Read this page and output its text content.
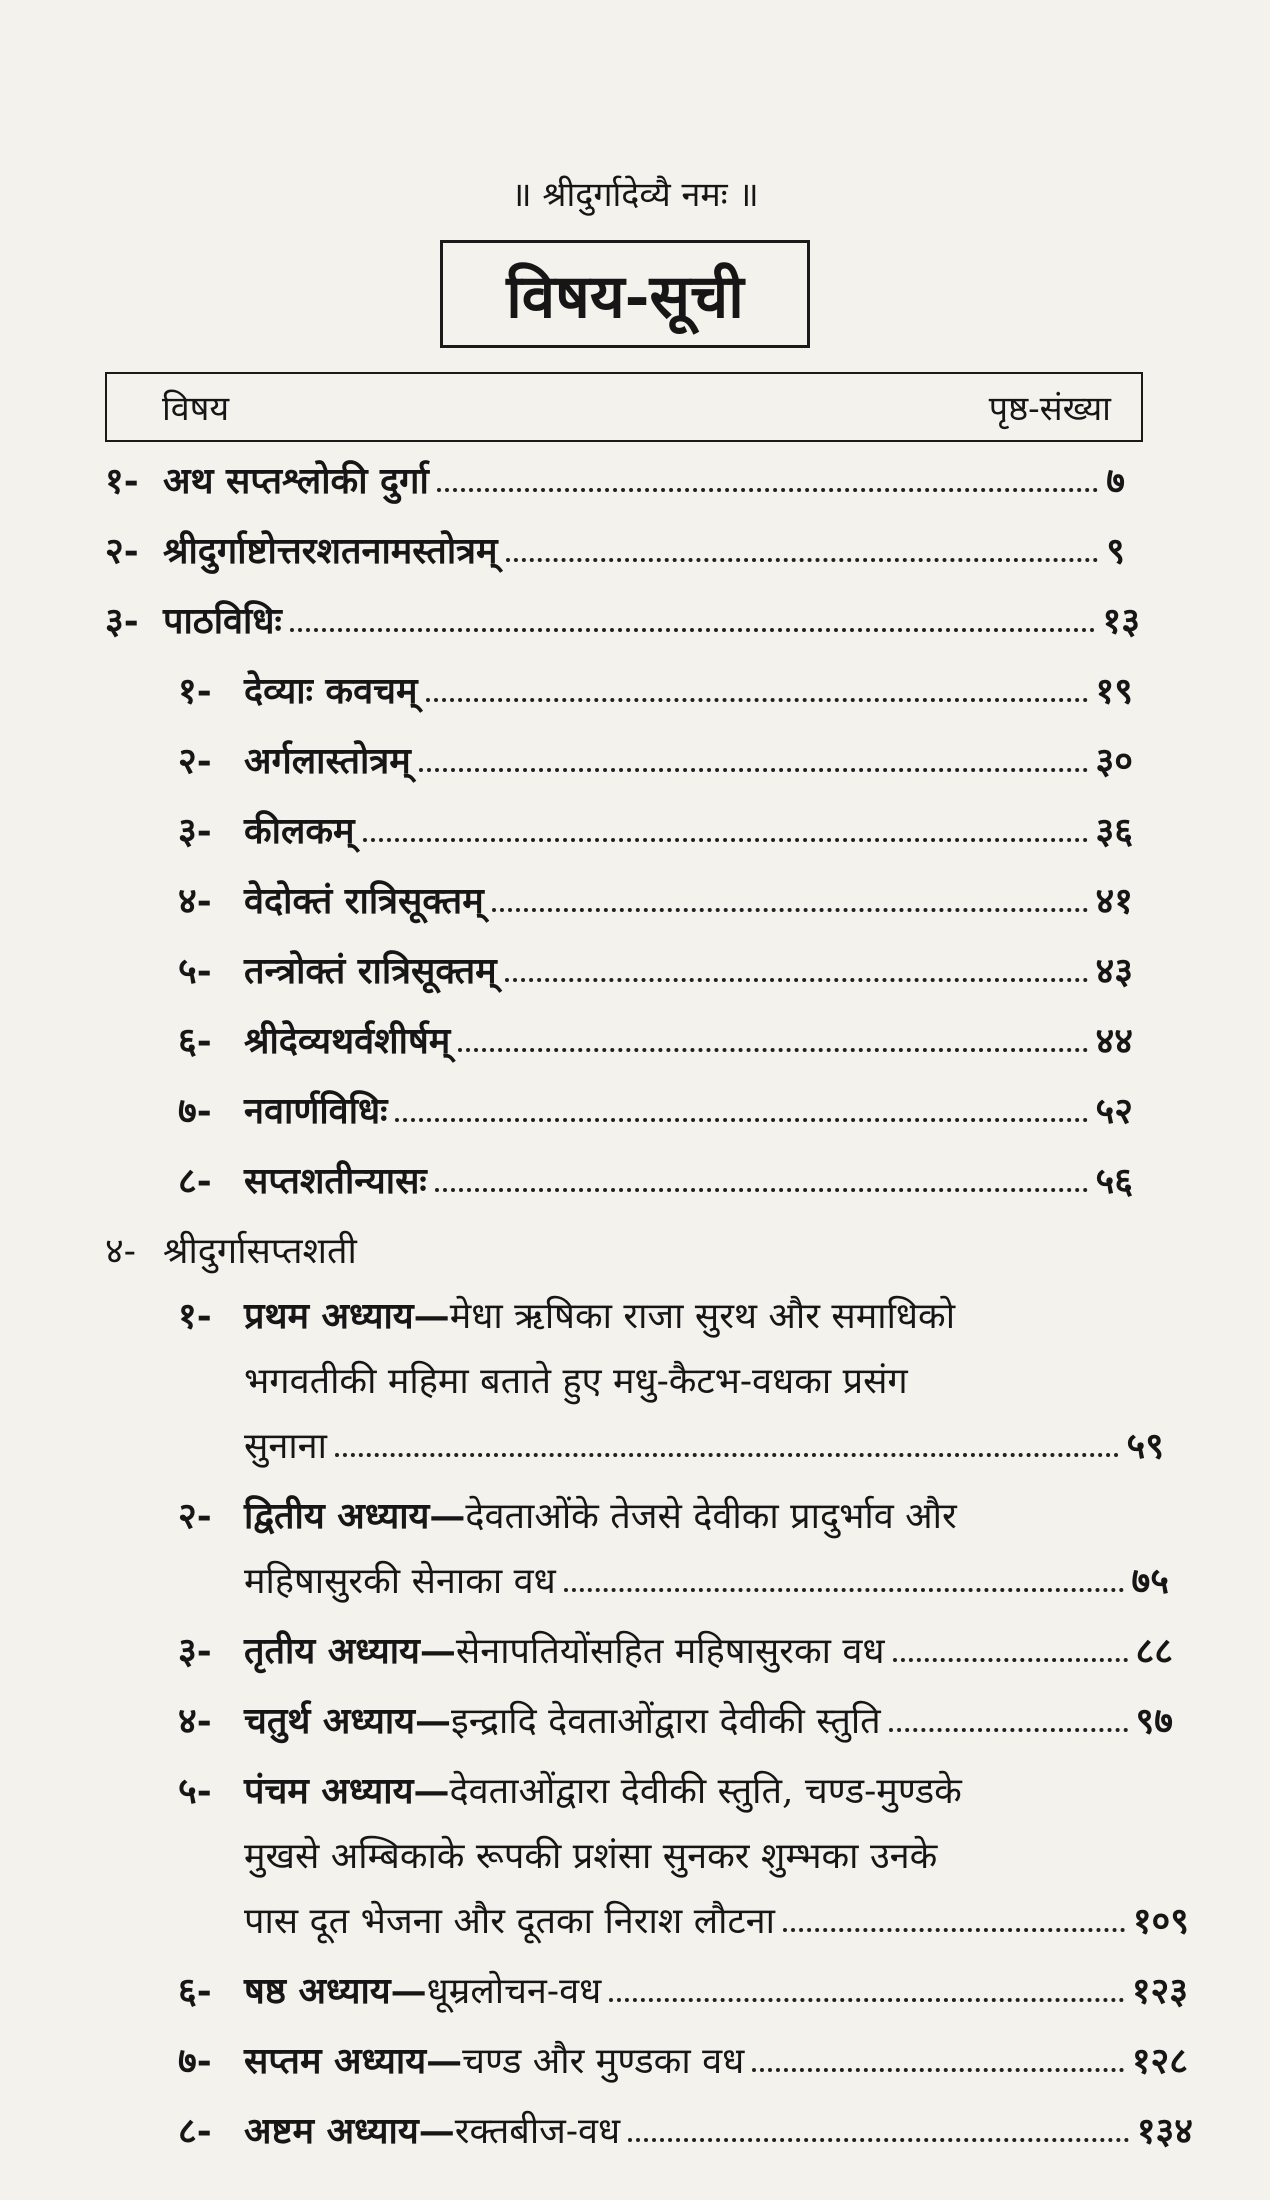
॥ श्रीदुर्गादेव्यै नमः ॥
विषय-सूची
विषय	पृष्ठ-संख्या
१- अथ सप्तश्लोकी दुर्गा	७
२- श्रीदुर्गाष्टोत्तरशतनामस्तोत्रम्	९
३- पाठविधिः	१३
१- देव्याः कवचम्	१९
२- अर्गलास्तोत्रम्	३०
३- कीलकम्	३६
४- वेदोक्तं रात्रिसूक्तम्	४१
५- तन्त्रोक्तं रात्रिसूक्तम्	४३
६- श्रीदेव्यथर्वशीर्षम्	४४
७- नवार्णविधिः	५२
८- सप्तशतीन्यासः	५६
४- श्रीदुर्गासप्तशती
१- प्रथम अध्याय— मेधा ऋषिका राजा सुरथ और समाधिको
भगवतीकी महिमा बताते हुए मधु-कैटभ-वधका प्रसंग
सुनाना	५९
२- द्वितीय अध्याय— देवताओंके तेजसे देवीका प्रादुर्भाव और
महिषासुरकी सेनाका वध	७५
३- तृतीय अध्याय— सेनापतियोंसहित महिषासुरका वध	८८
४- चतुर्थ अध्याय— इन्द्रादि देवताओंद्वारा देवीकी स्तुति	९७
५- पंचम अध्याय— देवताओंद्वारा देवीकी स्तुति, चण्ड-मुण्डके
मुखसे अम्बिकाके रूपकी प्रशंसा सुनकर शुम्भका उनके
पास दूत भेजना और दूतका निराश लौटना	१०९
६- षष्ठ अध्याय— धूम्रलोचन-वध	१२३
७- सप्तम अध्याय— चण्ड और मुण्डका वध	१२८
८- अष्टम अध्याय— रक्तबीज-वध	१३४
